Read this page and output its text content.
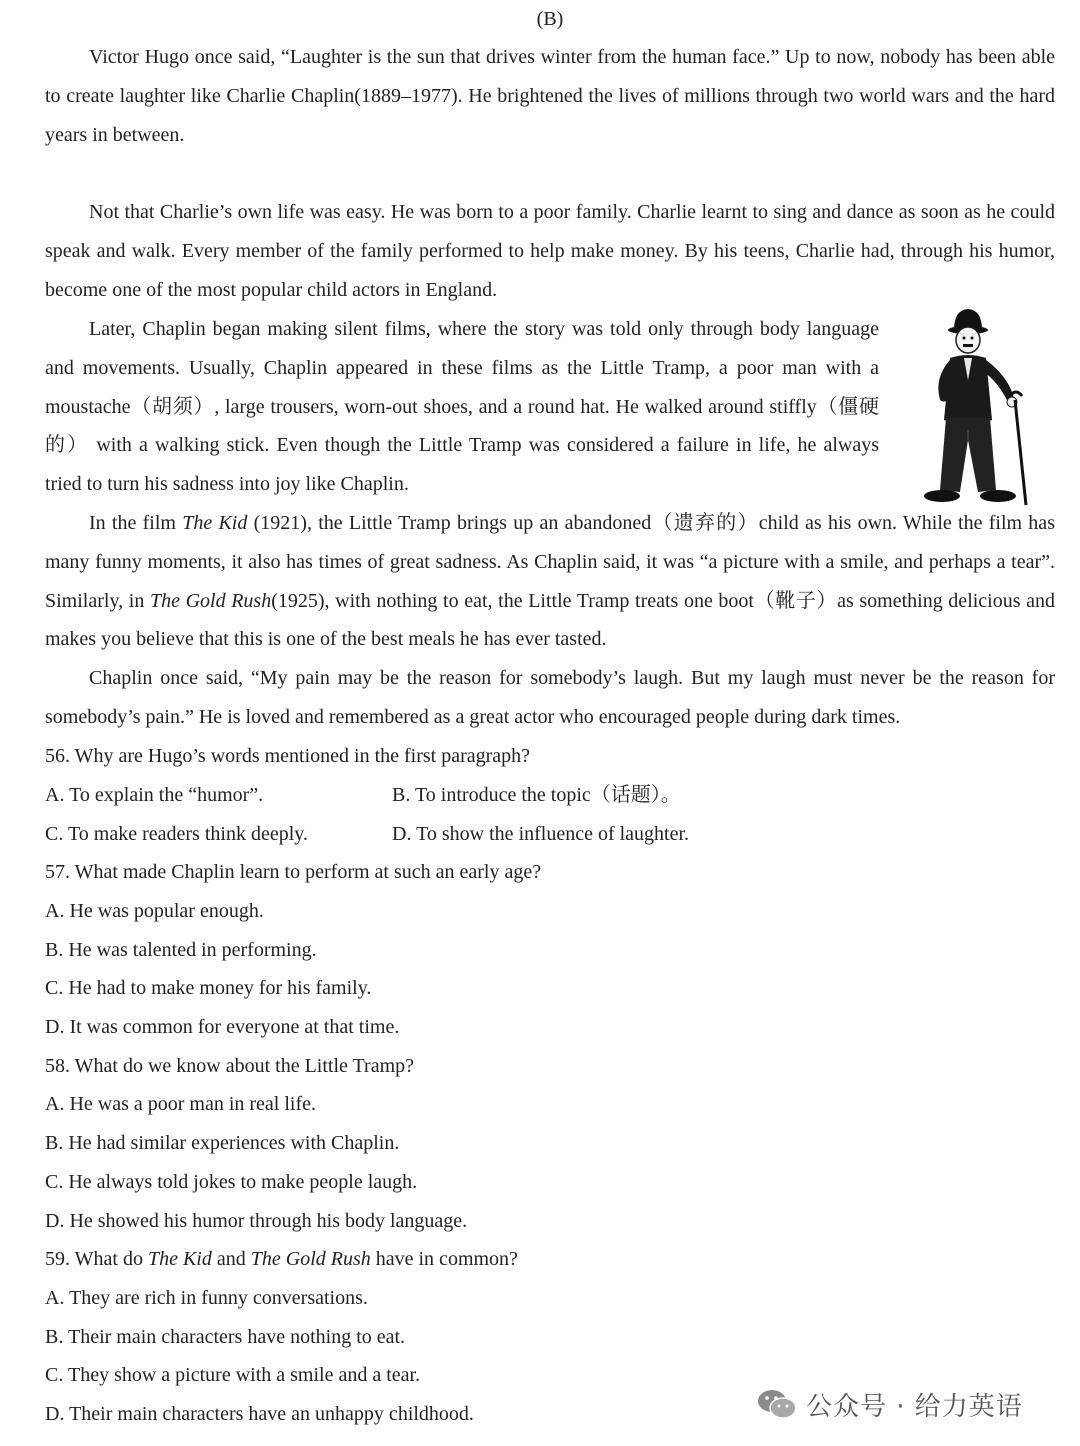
(B)

Victor Hugo once said, “Laughter is the sun that drives winter from the human face.” Up to now, nobody has been able to create laughter like Charlie Chaplin(1889–1977). He brightened the lives of millions through two world wars and the hard years in between.

Not that Charlie’s own life was easy. He was born to a poor family. Charlie learnt to sing and dance as soon as he could speak and walk. Every member of the family performed to help make money. By his teens, Charlie had, through his humor, become one of the most popular child actors in England.

Later, Chaplin began making silent films, where the story was told only through body language and movements. Usually, Chaplin appeared in these films as the Little Tramp, a poor man with a moustache（胡须）, large trousers, worn-out shoes, and a round hat. He walked around stiffly（僵硬的） with a walking stick. Even though the Little Tramp was considered a failure in life, he always tried to turn his sadness into joy like Chaplin.

In the film The Kid (1921), the Little Tramp brings up an abandoned（遗弃的）child as his own. While the film has many funny moments, it also has times of great sadness. As Chaplin said, it was “a picture with a smile, and perhaps a tear”. Similarly, in The Gold Rush(1925), with nothing to eat, the Little Tramp treats one boot（靴子）as something delicious and makes you believe that this is one of the best meals he has ever tasted.

Chaplin once said, “My pain may be the reason for somebody’s laugh. But my laugh must never be the reason for somebody’s pain.” He is loved and remembered as a great actor who encouraged people during dark times.

56. Why are Hugo’s words mentioned in the first paragraph?
A. To explain the “humor”.	B. To introduce the topic（话题）。
C. To make readers think deeply.	D. To show the influence of laughter.
57. What made Chaplin learn to perform at such an early age?
A. He was popular enough.
B. He was talented in performing.
C. He had to make money for his family.
D. It was common for everyone at that time.
58. What do we know about the Little Tramp?
A. He was a poor man in real life.
B. He had similar experiences with Chaplin.
C. He always told jokes to make people laugh.
D. He showed his humor through his body language.
59. What do The Kid and The Gold Rush have in common?
A. They are rich in funny conversations.
B. Their main characters have nothing to eat.
C. They show a picture with a smile and a tear.
D. Their main characters have an unhappy childhood.	公众号 · 给力英语
